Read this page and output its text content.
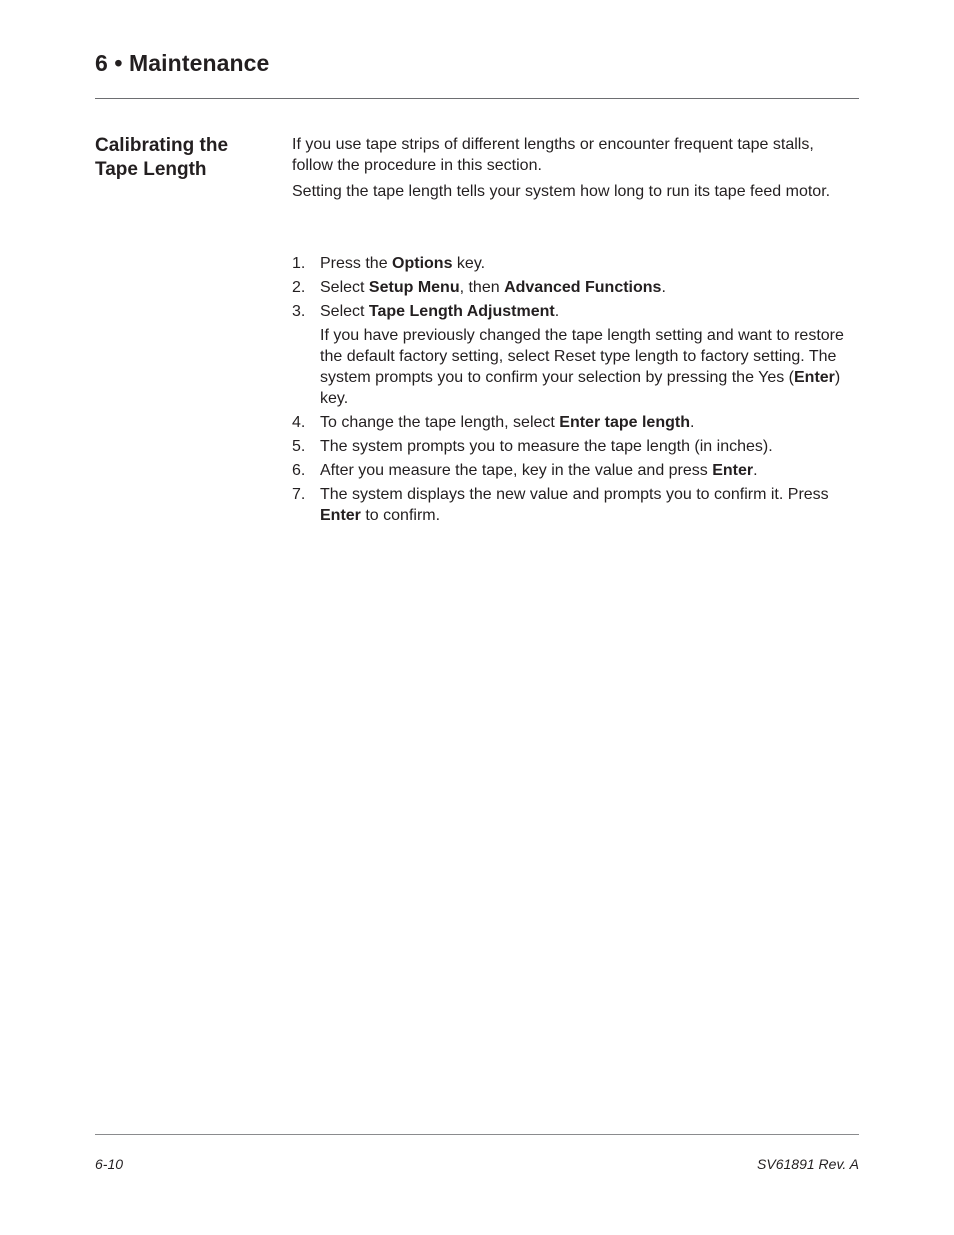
6 • Maintenance
Calibrating the
Tape Length

If you use tape strips of different lengths or encounter frequent tape stalls, follow the procedure in this section.

Setting the tape length tells your system how long to run its tape feed motor.

1. Press the Options key.
2. Select Setup Menu, then Advanced Functions.
3. Select Tape Length Adjustment.
If you have previously changed the tape length setting and want to restore the default factory setting, select Reset type length to factory setting. The system prompts you to confirm your selection by pressing the Yes (Enter) key.
4. To change the tape length, select Enter tape length.
5. The system prompts you to measure the tape length (in inches).
6. After you measure the tape, key in the value and press Enter.
7. The system displays the new value and prompts you to confirm it. Press Enter to confirm.
6-10	SV61891 Rev. A
